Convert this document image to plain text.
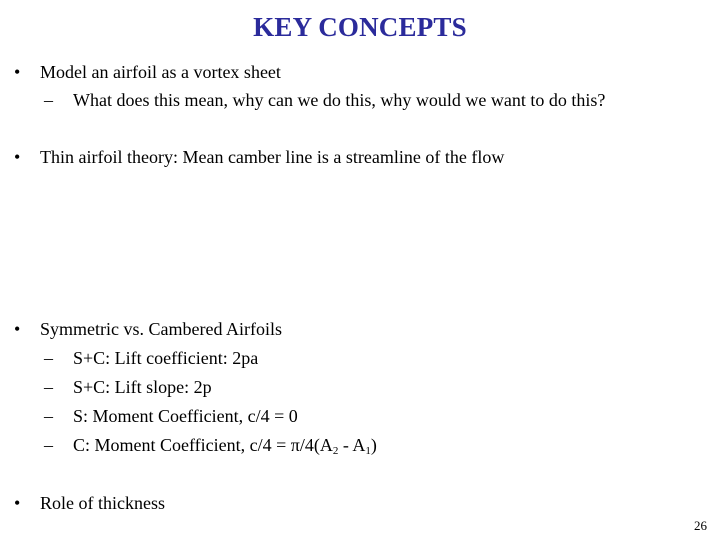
KEY CONCEPTS
• Model an airfoil as a vortex sheet
– What does this mean, why can we do this, why would we want to do this?
• Thin airfoil theory: Mean camber line is a streamline of the flow
• Symmetric vs. Cambered Airfoils
– S+C: Lift coefficient: 2pa
– S+C: Lift slope: 2p
– S: Moment Coefficient, c/4 = 0
– C: Moment Coefficient, $c/4 = \pi/4(A_2 - A_1)$
• Role of thickness
26
